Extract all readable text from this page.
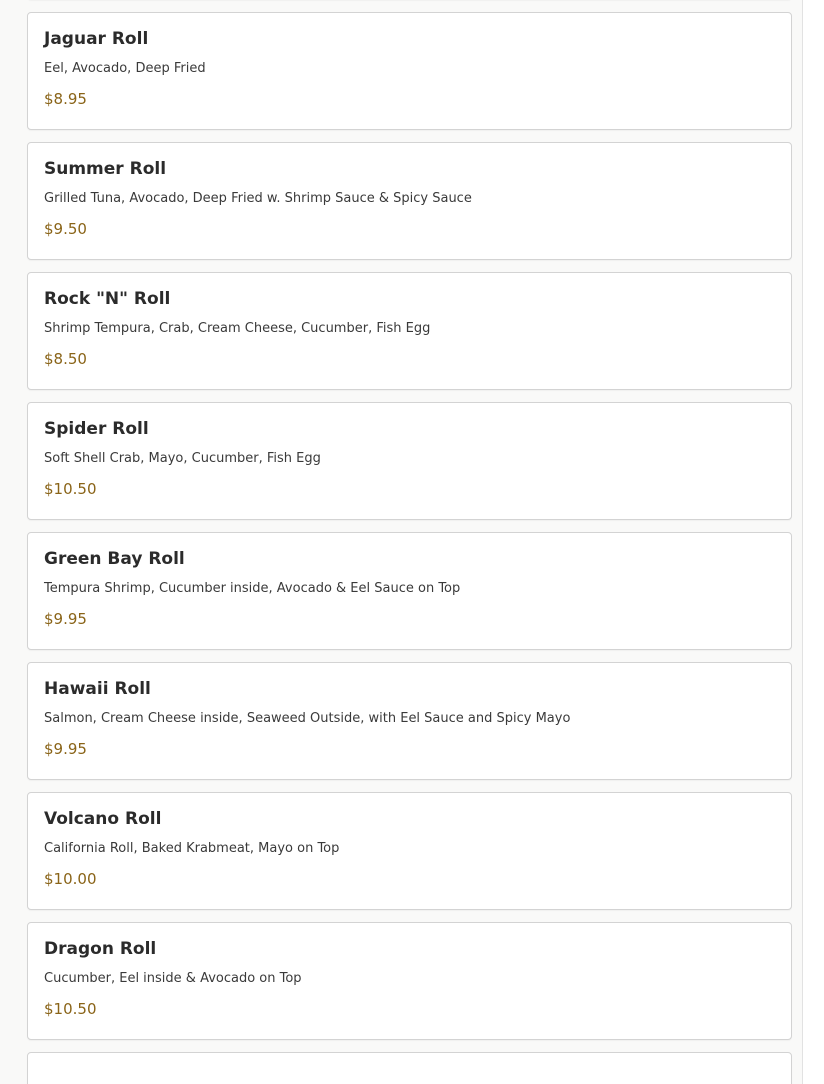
Jaguar Roll
Eel, Avocado, Deep Fried
$8.95
Summer Roll
Grilled Tuna, Avocado, Deep Fried w. Shrimp Sauce & Spicy Sauce
$9.50
Rock "N" Roll
Shrimp Tempura, Crab, Cream Cheese, Cucumber, Fish Egg
$8.50
Spider Roll
Soft Shell Crab, Mayo, Cucumber, Fish Egg
$10.50
Green Bay Roll
Tempura Shrimp, Cucumber inside, Avocado & Eel Sauce on Top
$9.95
Hawaii Roll
Salmon, Cream Cheese inside, Seaweed Outside, with Eel Sauce and Spicy Mayo
$9.95
Volcano Roll
California Roll, Baked Krabmeat, Mayo on Top
$10.00
Dragon Roll
Cucumber, Eel inside & Avocado on Top
$10.50
